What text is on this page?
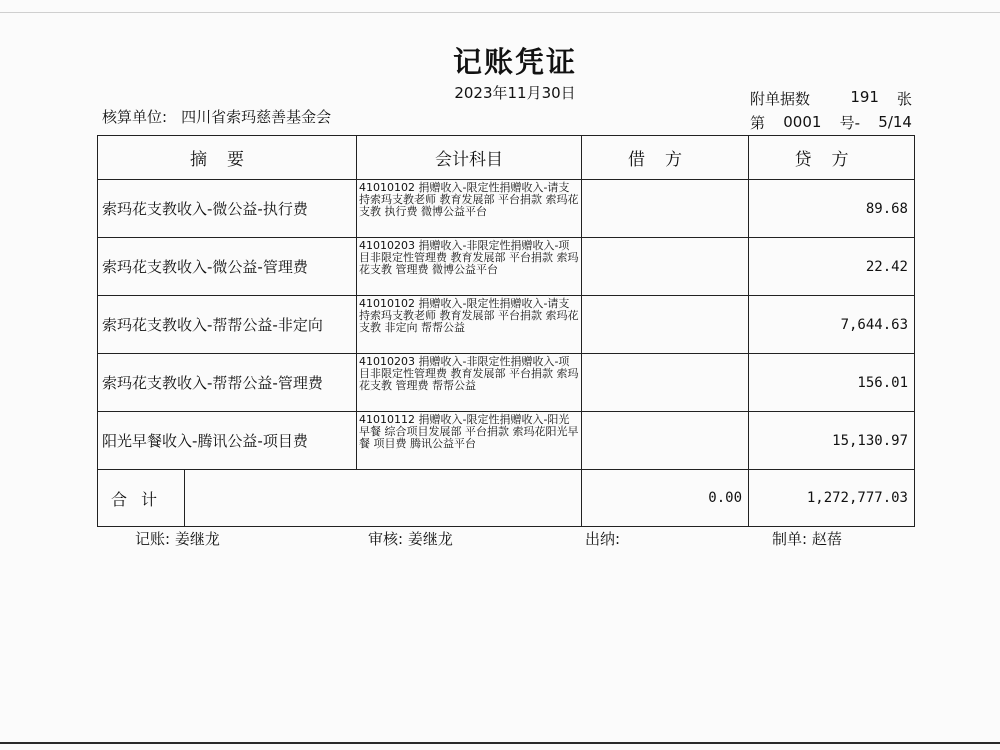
记账凭证
2023年11月30日
核算单位: 四川省索玛慈善基金会
附单据数	191 张
第 0001 号- 5/14
摘要	会计科目	借方	贷方
索玛花支教收入-微公益-执行费	41010102 捐赠收入-限定性捐赠收入-请支持索玛支教老师 教育发展部 平台捐款 索玛花支教 执行费 微博公益平台		89.68
索玛花支教收入-微公益-管理费	41010203 捐赠收入-非限定性捐赠收入-项目非限定性管理费 教育发展部 平台捐款 索玛花支教 管理费 微博公益平台		22.42
索玛花支教收入-帮帮公益-非定向	41010102 捐赠收入-限定性捐赠收入-请支持索玛支教老师 教育发展部 平台捐款 索玛花支教 非定向 帮帮公益		7,644.63
索玛花支教收入-帮帮公益-管理费	41010203 捐赠收入-非限定性捐赠收入-项目非限定性管理费 教育发展部 平台捐款 索玛花支教 管理费 帮帮公益		156.01
阳光早餐收入-腾讯公益-项目费	41010112 捐赠收入-限定性捐赠收入-阳光早餐 综合项目发展部 平台捐款 索玛花阳光早餐 项目费 腾讯公益平台		15,130.97

合计		0.00	1,272,777.03
记账: 姜继龙	审核: 姜继龙	出纳:	制单: 赵蓓
